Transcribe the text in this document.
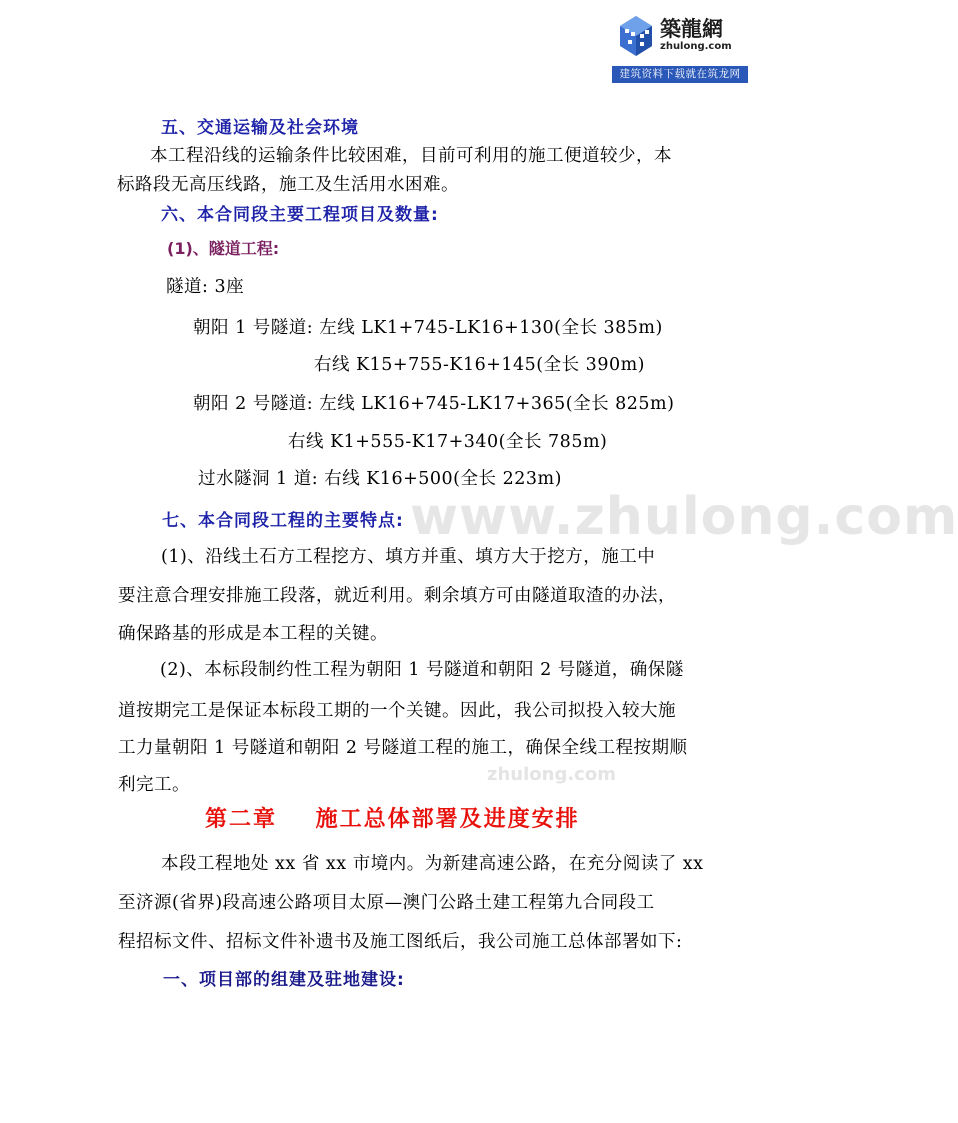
築龍網
zhulong.com
建筑资料下载就在筑龙网
www.zhulong.com
zhulong.com
五、交通运输及社会环境
本工程沿线的运输条件比较困难，目前可利用的施工便道较少，本
标路段无高压线路，施工及生活用水困难。
六、本合同段主要工程项目及数量:
(1)、隧道工程:
隧道: 3座
朝阳 1 号隧道: 左线 LK1+745-LK16+130(全长 385m)
右线 K15+755-K16+145(全长 390m)
朝阳 2 号隧道: 左线 LK16+745-LK17+365(全长 825m)
右线 K1+555-K17+340(全长 785m)
过水隧洞 1 道: 右线 K16+500(全长 223m)
七、本合同段工程的主要特点:
(1)、沿线土石方工程挖方、填方并重、填方大于挖方，施工中
要注意合理安排施工段落，就近利用。剩余填方可由隧道取渣的办法，
确保路基的形成是本工程的关键。
(2)、本标段制约性工程为朝阳 1 号隧道和朝阳 2 号隧道，确保隧
道按期完工是保证本标段工期的一个关键。因此，我公司拟投入较大施
工力量朝阳 1 号隧道和朝阳 2 号隧道工程的施工，确保全线工程按期顺
利完工。
第二章    施工总体部署及进度安排
本段工程地处 xx 省 xx 市境内。为新建高速公路，在充分阅读了 xx
至济源(省界)段高速公路项目太原—澳门公路土建工程第九合同段工
程招标文件、招标文件补遗书及施工图纸后，我公司施工总体部署如下:
一、项目部的组建及驻地建设:
